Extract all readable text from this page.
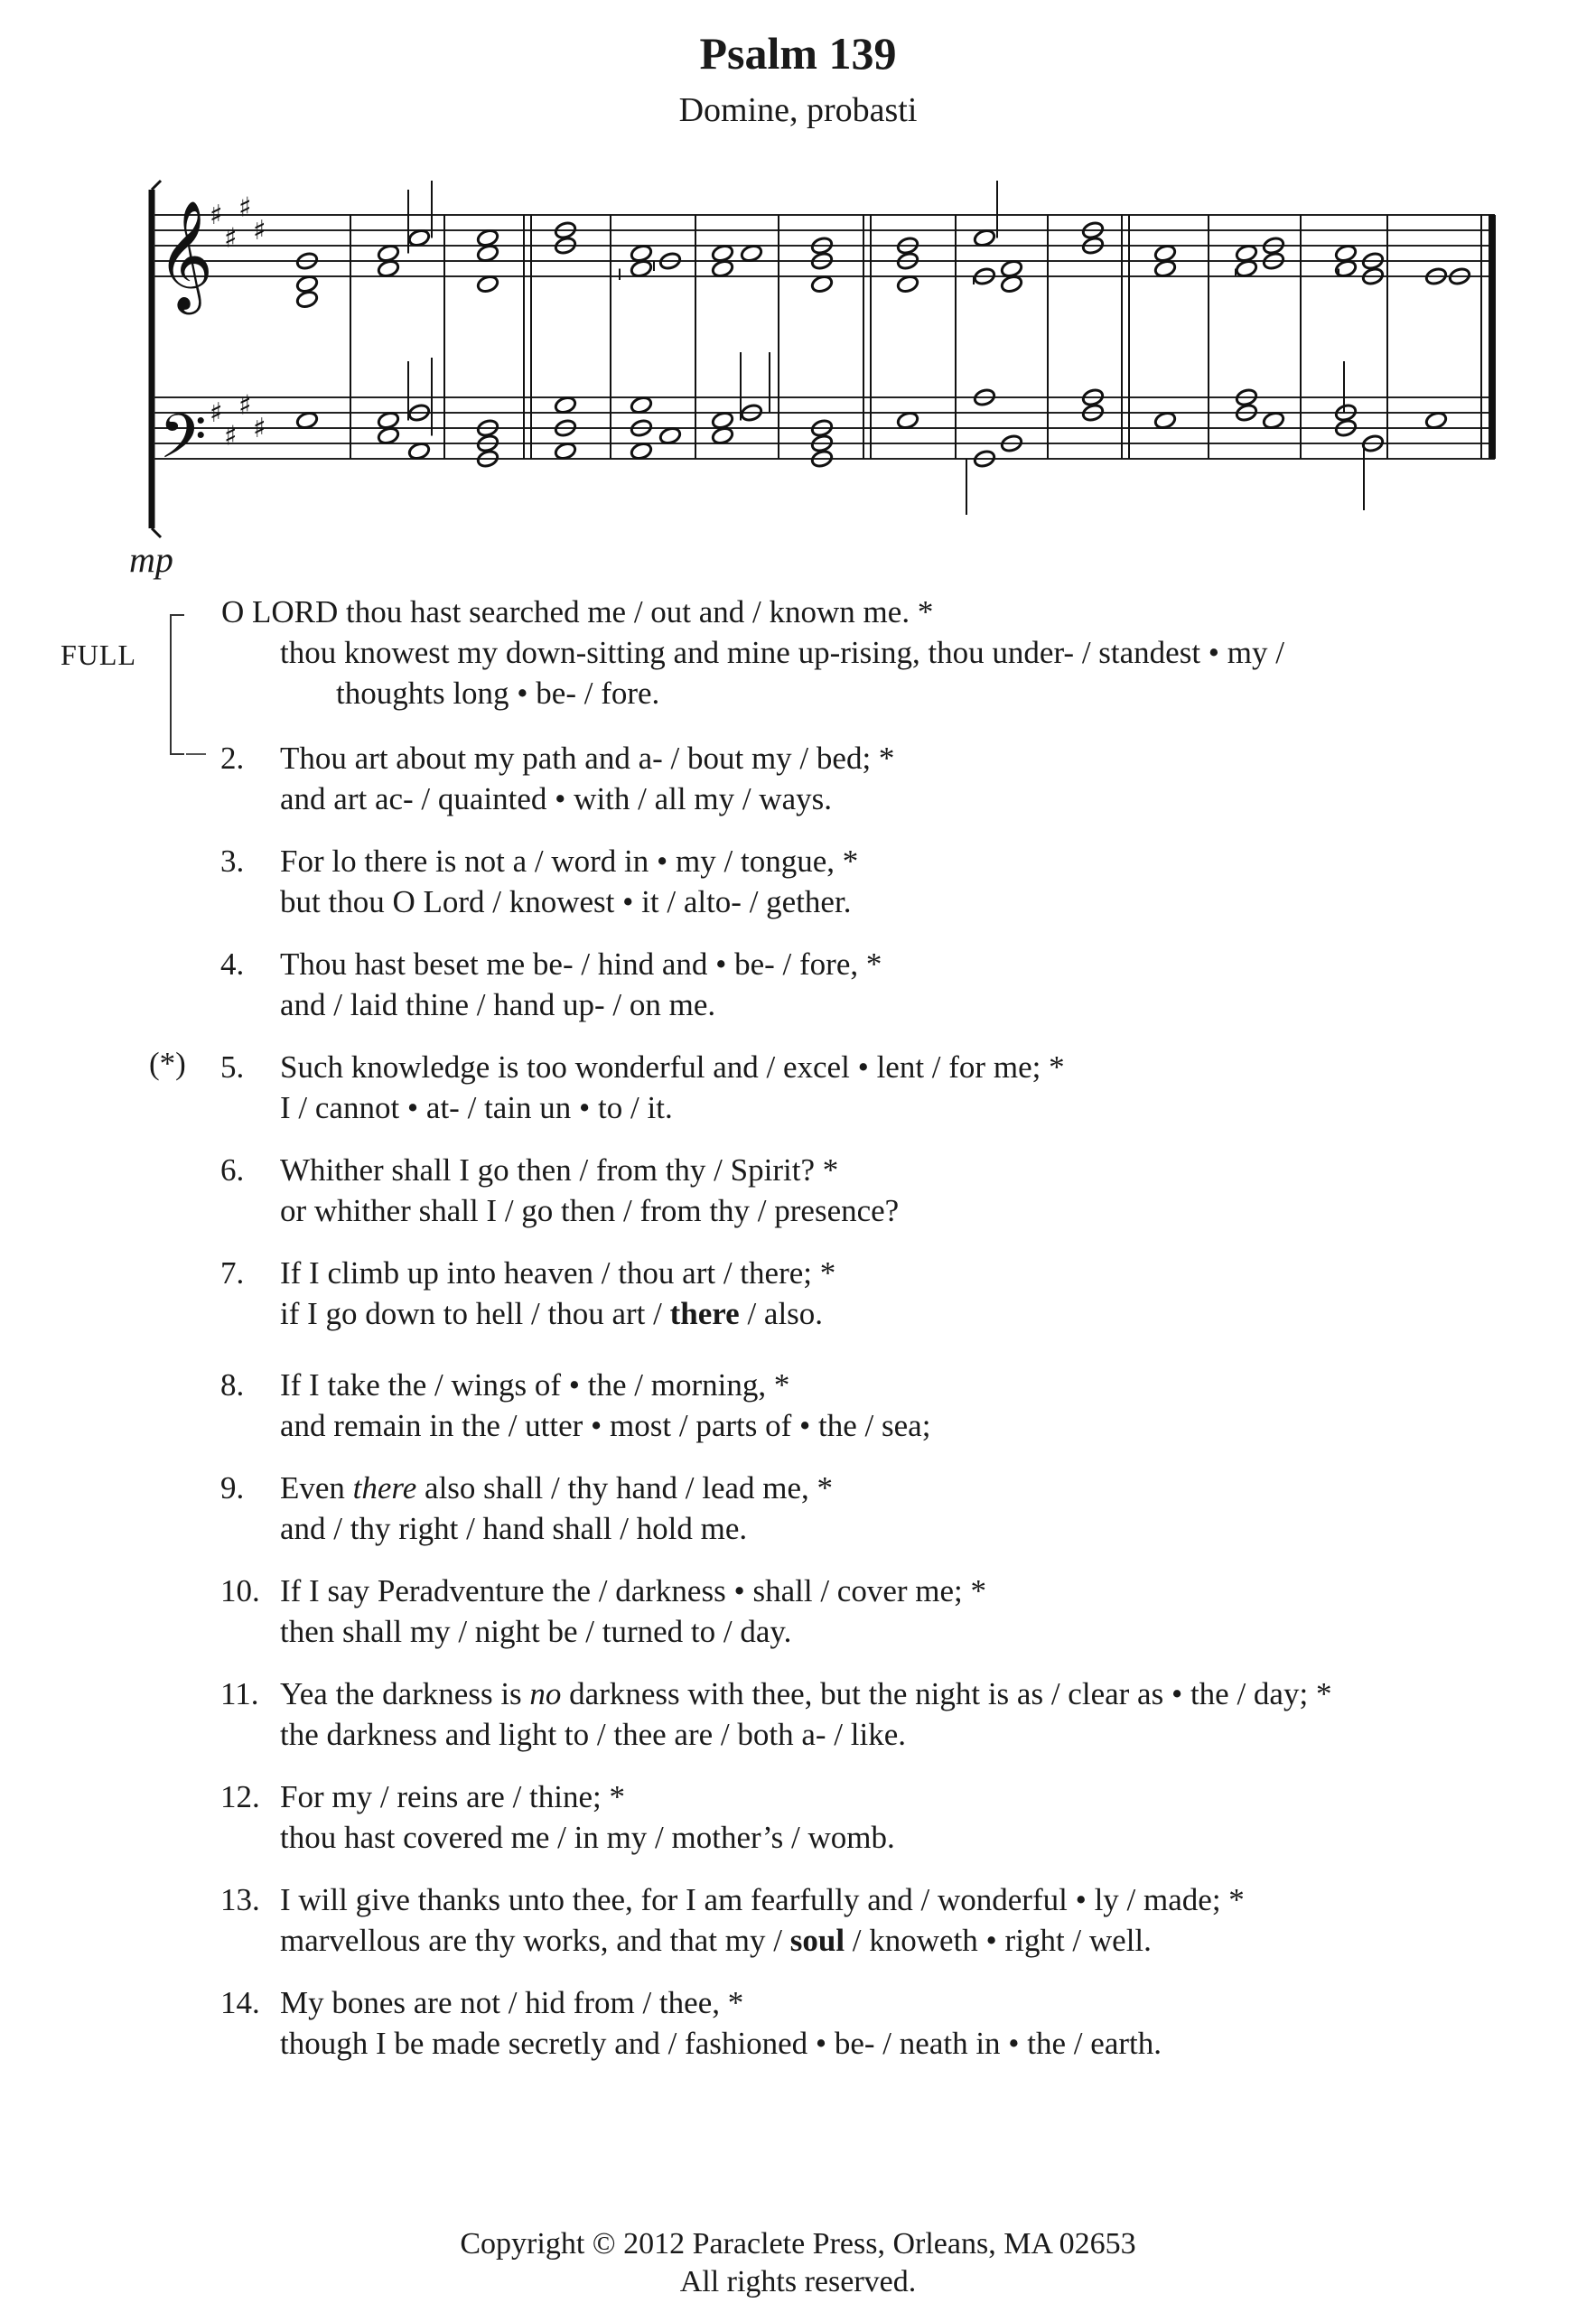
Psalm 139
Domine, probasti
𝄞
𝄢
♯
♯
♯
♯
♯
♯
♯
♯
mp
FULL
O LORD thou hast searched me / out and / known me. *
thou knowest my down-sitting and mine up-rising, thou under- / standest • my /
thoughts long • be- / fore.
2.	Thou art about my path and a- / bout my / bed; *
and art ac- / quainted • with / all my / ways.
3.	For lo there is not a / word in • my / tongue, *
but thou O Lord / knowest • it / alto- / gether.
4.	Thou hast beset me be- / hind and • be- / fore, *
and / laid thine / hand up- / on me.
5.	Such knowledge is too wonderful and / excel • lent / for me; *
I / cannot • at- / tain un • to / it.
6.	Whither shall I go then / from thy / Spirit? *
or whither shall I / go then / from thy / presence?
7.	If I climb up into heaven / thou art / there; *
if I go down to hell / thou art / there / also.
8.	If I take the / wings of • the / morning, *
and remain in the / utter • most / parts of • the / sea;
9.	Even there also shall / thy hand / lead me, *
and / thy right / hand shall / hold me.
10. If I say Peradventure the / darkness • shall / cover me; *
then shall my / night be / turned to / day.
11. Yea the darkness is no darkness with thee, but the night is as / clear as • the / day; *
the darkness and light to / thee are / both a- / like.
12. For my / reins are / thine; *
thou hast covered me / in my / mother’s / womb.
13. I will give thanks unto thee, for I am fearfully and / wonderful • ly / made; *
marvellous are thy works, and that my / soul / knoweth • right / well.
14. My bones are not / hid from / thee, *
though I be made secretly and / fashioned • be- / neath in • the / earth.
(*)
Copyright © 2012 Paraclete Press, Orleans, MA 02653
All rights reserved.
